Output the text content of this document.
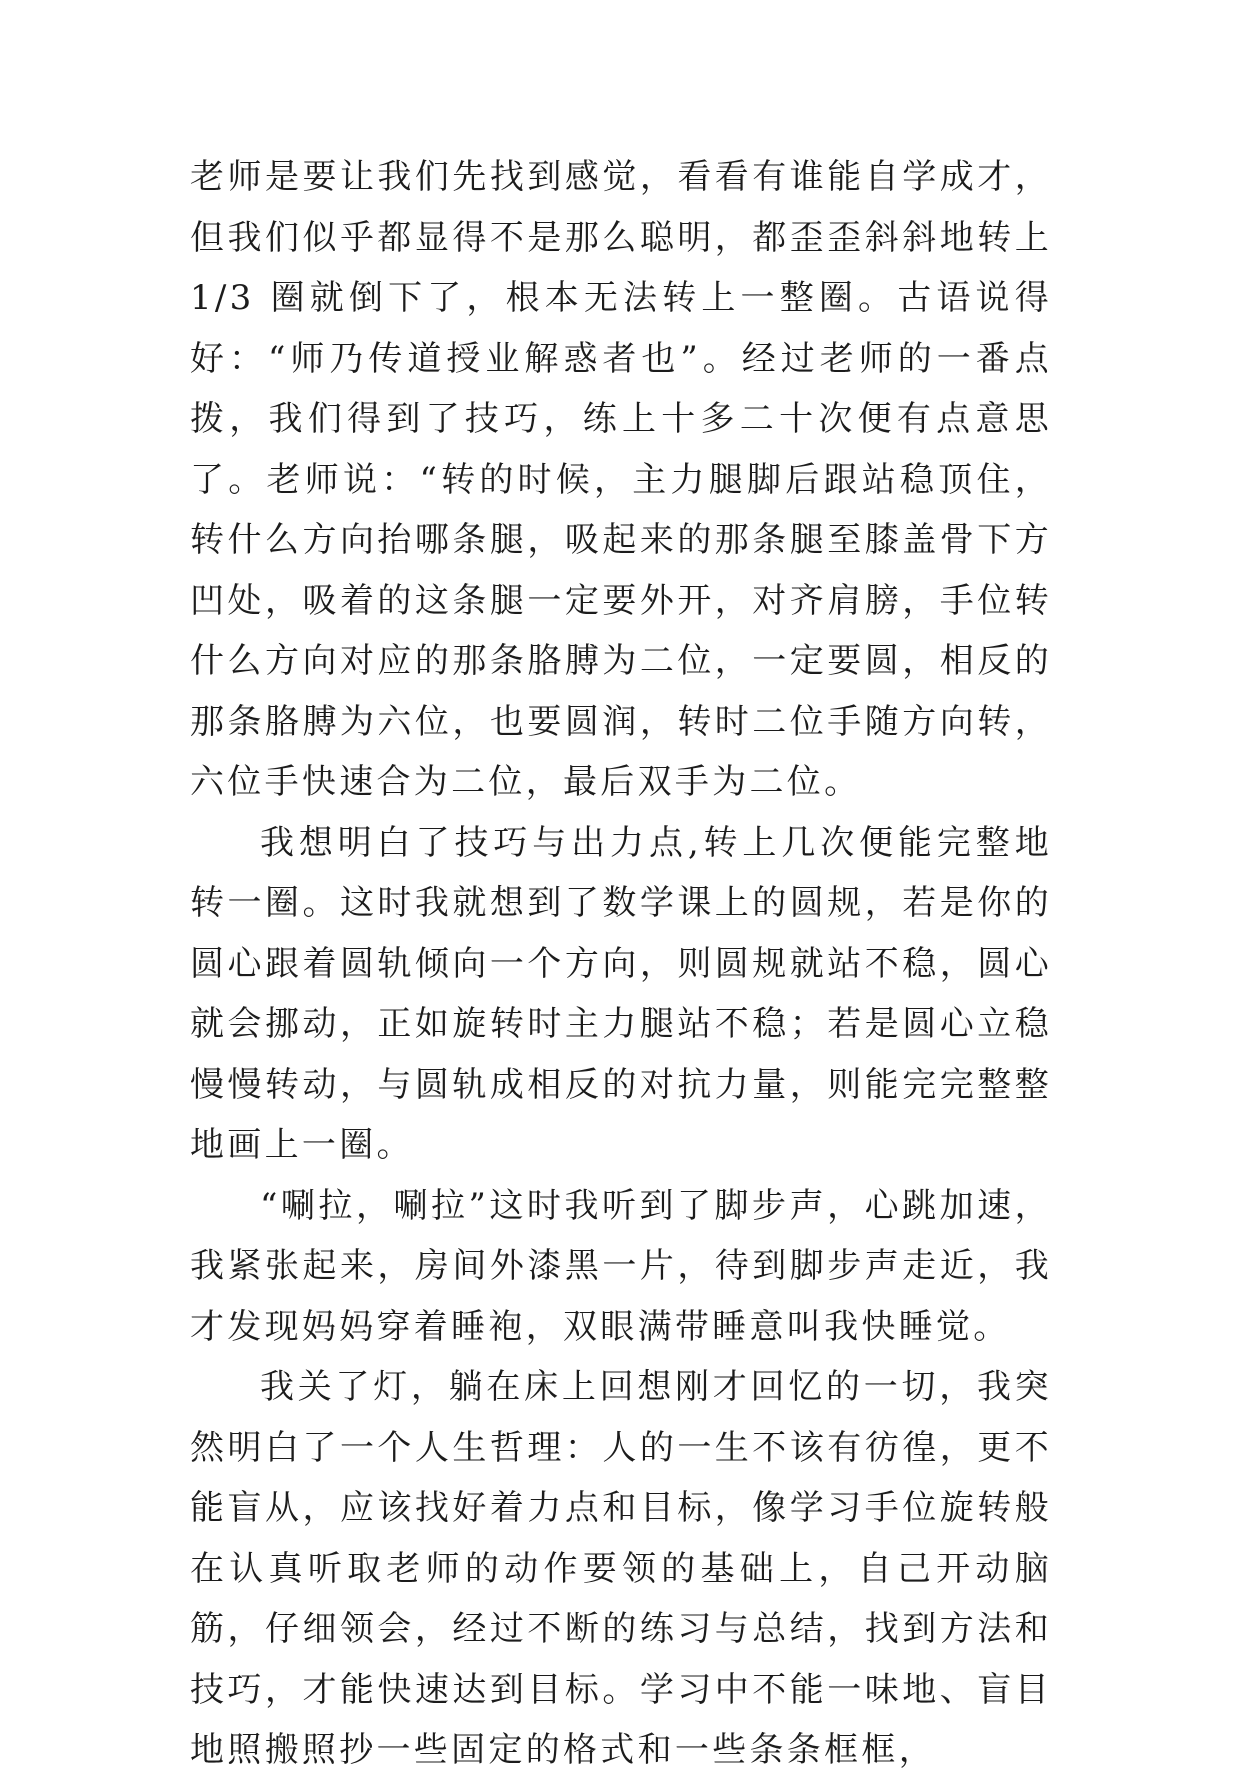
老师是要让我们先找到感觉，看看有谁能自学成才，但我们似乎都显得不是那么聪明，都歪歪斜斜地转上 1/3 圈就倒下了，根本无法转上一整圈。古语说得好：“师乃传道授业解惑者也”。经过老师的一番点拨，我们得到了技巧，练上十多二十次便有点意思了。老师说：“转的时候，主力腿脚后跟站稳顶住，转什么方向抬哪条腿，吸起来的那条腿至膝盖骨下方凹处，吸着的这条腿一定要外开，对齐肩膀，手位转什么方向对应的那条胳膊为二位，一定要圆，相反的那条胳膊为六位，也要圆润，转时二位手随方向转，六位手快速合为二位，最后双手为二位。

我想明白了技巧与出力点,转上几次便能完整地转一圈。这时我就想到了数学课上的圆规，若是你的圆心跟着圆轨倾向一个方向，则圆规就站不稳，圆心就会挪动，正如旋转时主力腿站不稳；若是圆心立稳慢慢转动，与圆轨成相反的对抗力量，则能完完整整地画上一圈。

“唰拉，唰拉”这时我听到了脚步声，心跳加速，我紧张起来，房间外漆黑一片，待到脚步声走近，我才发现妈妈穿着睡袍，双眼满带睡意叫我快睡觉。

我关了灯，躺在床上回想刚才回忆的一切，我突然明白了一个人生哲理：人的一生不该有彷徨，更不能盲从，应该找好着力点和目标，像学习手位旋转般在认真听取老师的动作要领的基础上，自己开动脑筋，仔细领会，经过不断的练习与总结，找到方法和技巧，才能快速达到目标。学习中不能一味地、盲目地照搬照抄一些固定的格式和一些条条框框，
